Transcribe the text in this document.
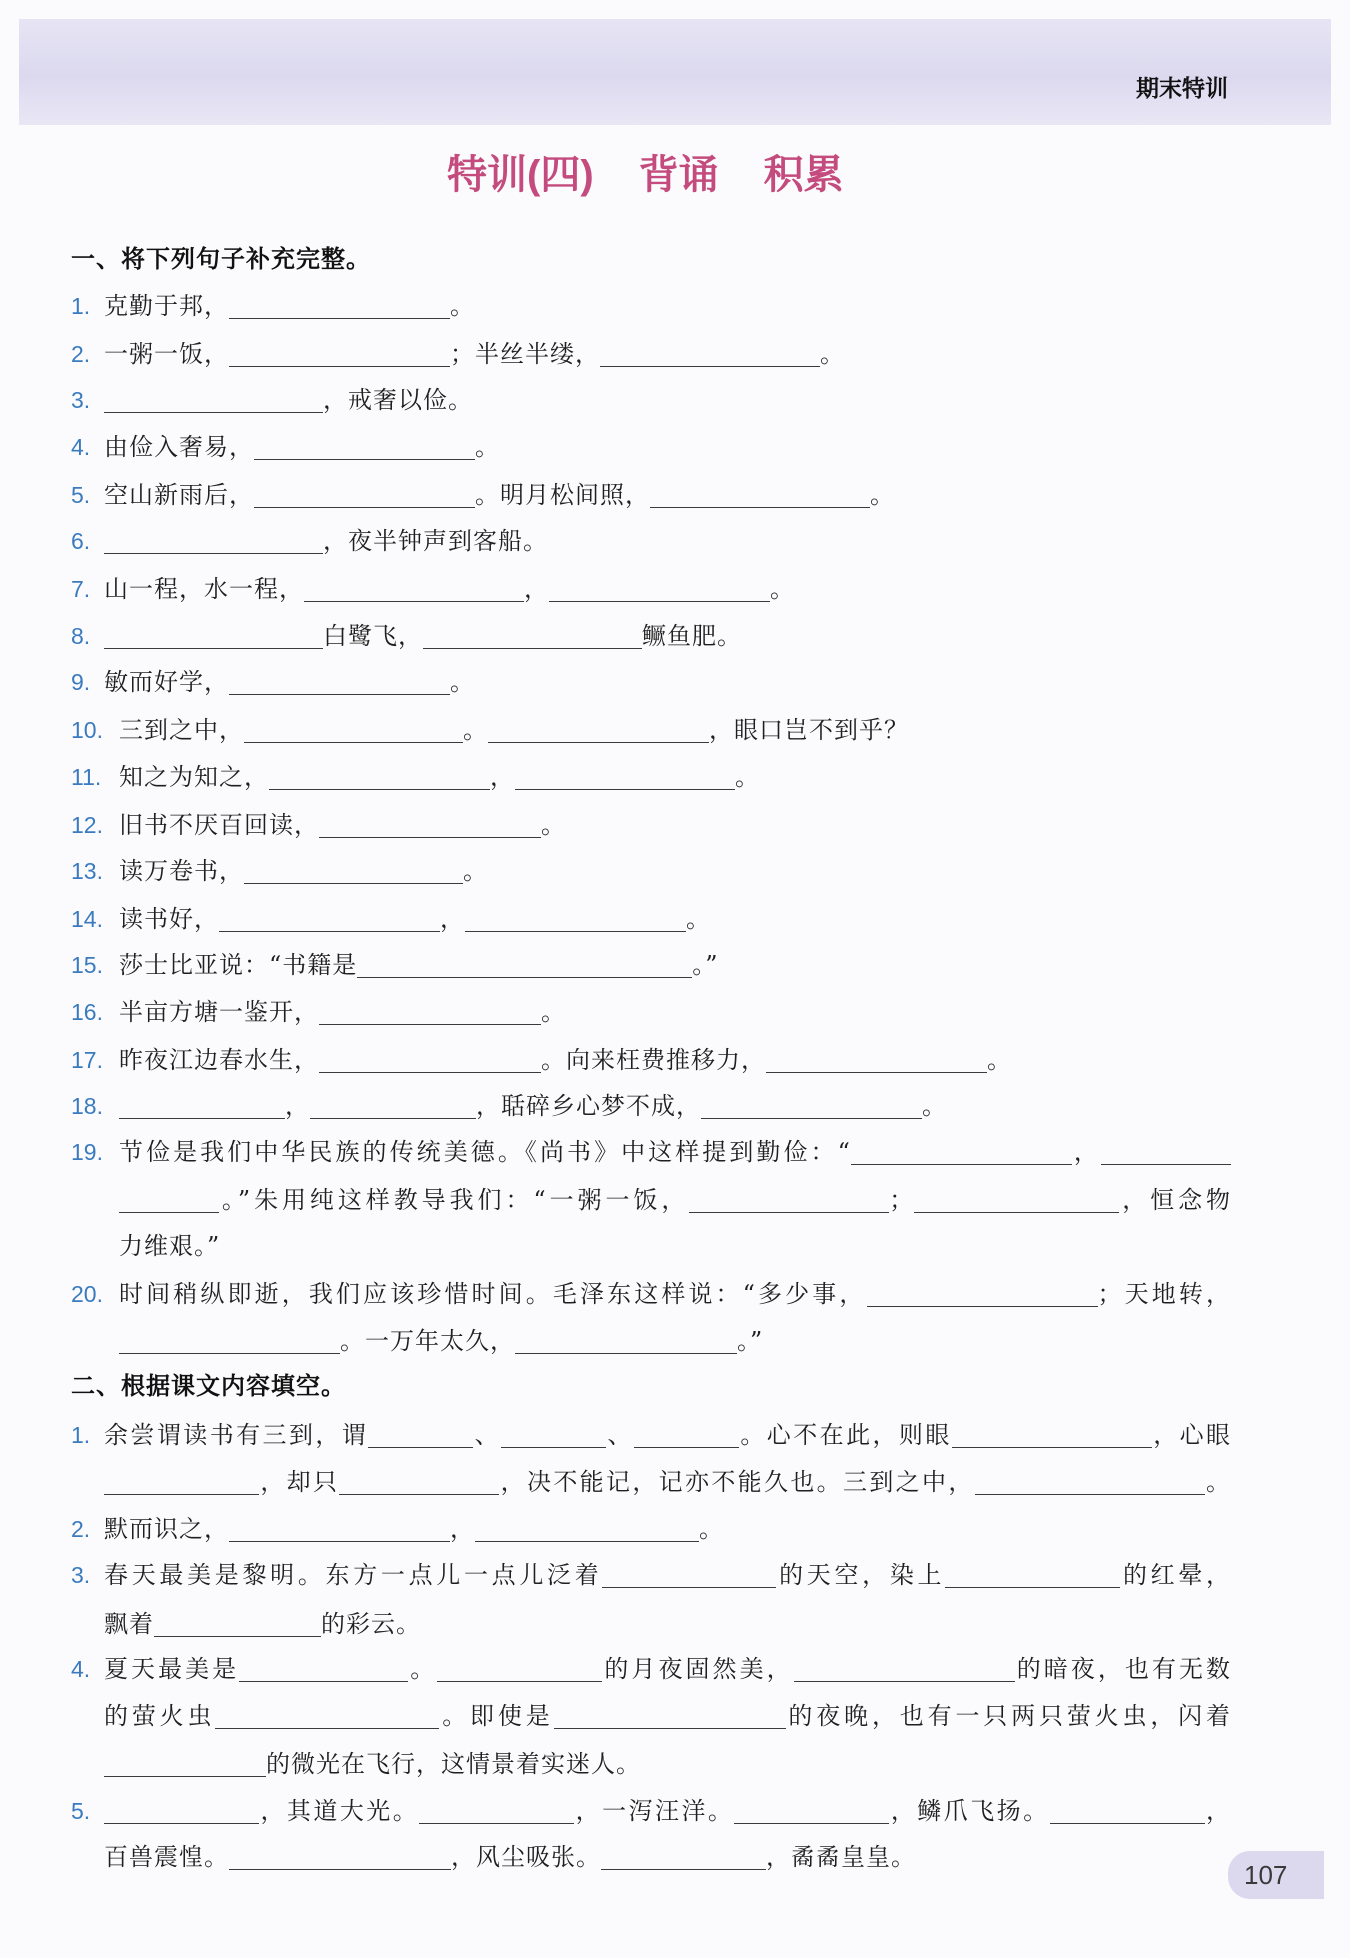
期末特训
特训(四) 背诵 积累
一、将下列句子补充完整。
1. 克勤于邦，	。
2. 一粥一饭，	；半丝半缕，	。
3.	，戒奢以俭。
4. 由俭入奢易，	。
5. 空山新雨后，	。明月松间照，	。
6.	，夜半钟声到客船。
7. 山一程，水一程，	，	。
8.	白鹭飞，	鳜鱼肥。
9. 敏而好学，	。
10. 三到之中，	。	，眼口岂不到乎？
11. 知之为知之，	，	。
12. 旧书不厌百回读，	。
13. 读万卷书，	。
14. 读书好，	，	。
15. 莎士比亚说：“书籍是	。”
16. 半亩方塘一鉴开，	。
17. 昨夜江边春水生，	。向来枉费推移力，	。
18.	，	，聒碎乡心梦不成，	。
19. 节俭是我们中华民族的传统美德。《尚书》中这样提到勤俭：“	，
。”朱用纯这样教导我们：“一粥一饭，	；	，恒念物
力维艰。”
20. 时间稍纵即逝，我们应该珍惜时间。毛泽东这样说：“多少事，	；天地转，
。一万年太久，	。”
二、根据课文内容填空。
1. 余尝谓读书有三到，谓	、	、	。心不在此，则眼	，心眼
，却只	，决不能记，记亦不能久也。三到之中，	。
2. 默而识之，	，	。
3. 春天最美是黎明。东方一点儿一点儿泛着	的天空，染上	的红晕，
飘着	的彩云。
4. 夏天最美是	。	的月夜固然美，	的暗夜，也有无数
的萤火虫	。即使是	的夜晚，也有一只两只萤火虫，闪着
的微光在飞行，这情景着实迷人。
5.	，其道大光。	，一泻汪洋。	，鳞爪飞扬。	，
百兽震惶。	，风尘吸张。	，矞矞皇皇。
107
